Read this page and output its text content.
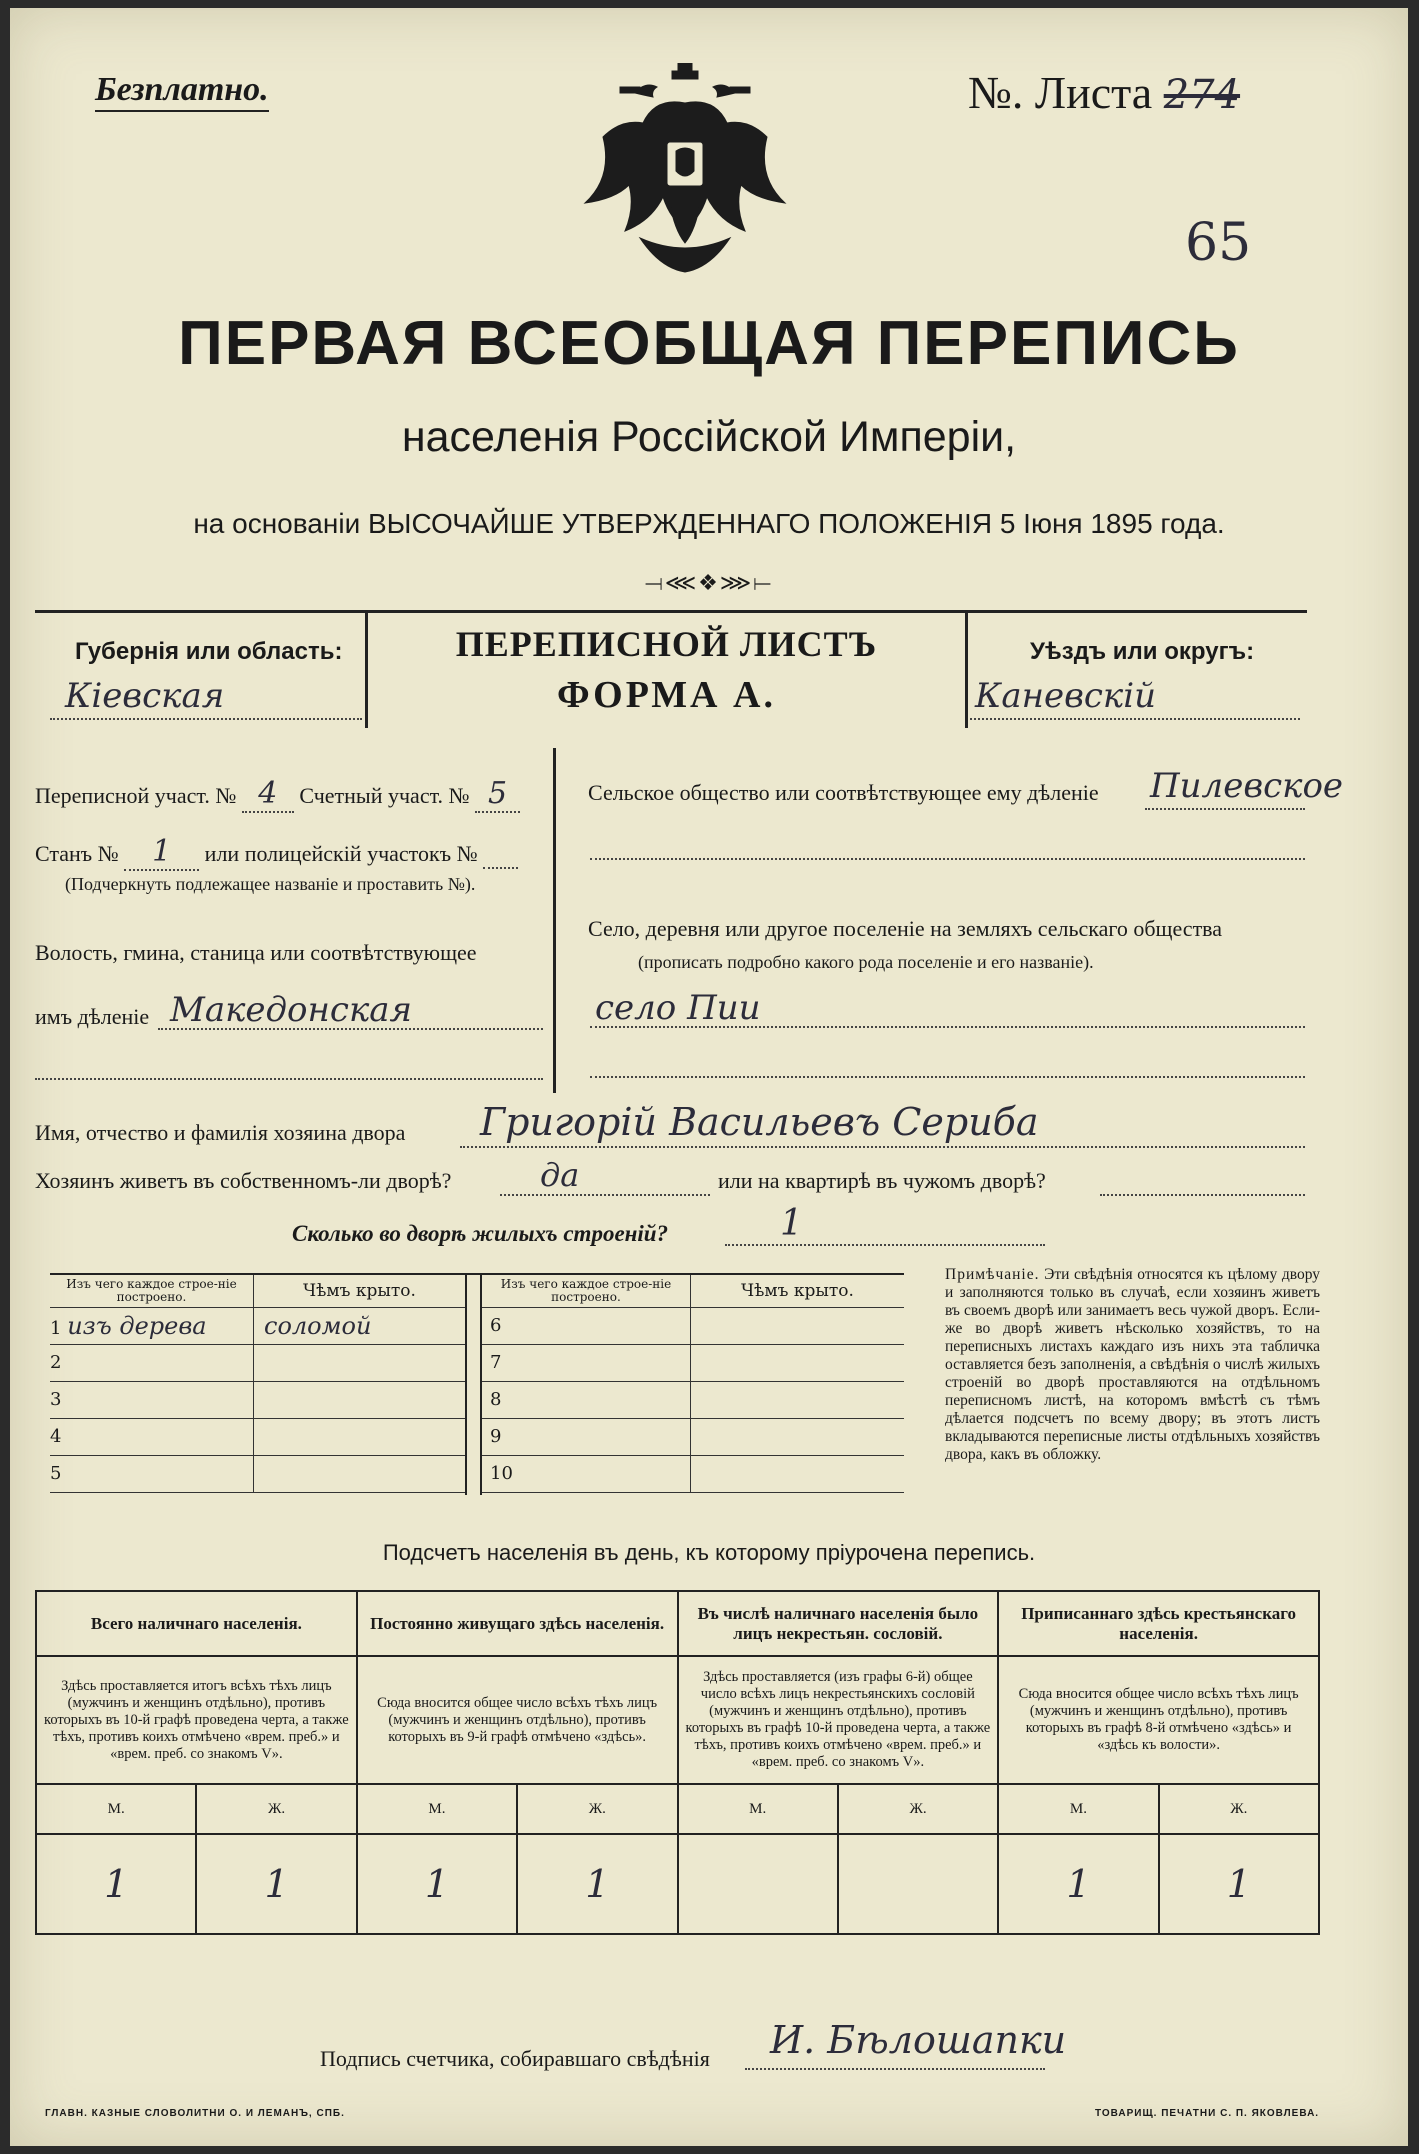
Безплатно.	№. Листа 274
65
ПЕРВАЯ ВСЕОБЩАЯ ПЕРЕПИСЬ
населенія Россійской Имперіи,
на основаніи ВЫСОЧАЙШЕ УТВЕРЖДЕННАГО ПОЛОЖЕНІЯ 5 Іюня 1895 года.
⟞⋘❖⋙⟝
Губернія или область:
Кіевская
ПЕРЕПИСНОЙ ЛИСТЪ
ФОРМА А.
Уѣздъ или округъ:
Каневскій
Переписной участ. № 4 Счетный участ. № 5
Станъ № 1 или полицейскій участокъ №
(Подчеркнуть подлежащее названіе и проставить №).
Волость, гмина, станица или соотвѣтствующее
имъ дѣленіе Македонская
Сельское общество или соотвѣтствующее ему дѣленіе Пилевское
Село, деревня или другое поселеніе на земляхъ сельскаго общества
(прописать подробно какого рода поселеніе и его названіе).
село Пии
Имя, отчество и фамилія хозяина двора Григорій Васильевъ Сериба
Хозяинъ живетъ въ собственномъ-ли дворѣ?	да	или на квартирѣ въ чужомъ дворѣ?
Сколько во дворѣ жилыхъ строеній?	1
Изъ чего каждое строе-ніе построено.	Чѣмъ крыто.
1 изъ дерева	соломой
2	
3	
4	
5	
Изъ чего каждое строе-ніе построено.	Чѣмъ крыто.
6	
7	
8	
9	
10	
Примѣчаніе. Эти свѣдѣнія относятся къ цѣлому двору и заполняются только въ случаѣ, если хозяинъ живетъ въ своемъ дворѣ или занимаетъ весь чужой дворъ. Если-же во дворѣ живетъ нѣсколько хозяйствъ, то на переписныхъ листахъ каждаго изъ нихъ эта табличка оставляется безъ заполненія, а свѣдѣнія о числѣ жилыхъ строеній во дворѣ проставляются на отдѣльномъ переписномъ листѣ, на которомъ вмѣстѣ съ тѣмъ дѣлается подсчетъ по всему двору; въ этотъ листъ вкладываются переписные листы отдѣльныхъ хозяйствъ двора, какъ въ обложку.
Подсчетъ населенія въ день, къ которому пріурочена перепись.
Всего наличнаго населенія.		Постоянно живущаго здѣсь населенія.		Въ числѣ наличнаго населенія было лицъ некрестьян. сословій.		Приписаннаго здѣсь крестьянскаго населенія.	
Здѣсь проставляется итогъ всѣхъ тѣхъ лицъ (мужчинъ и женщинъ отдѣльно), противъ которыхъ въ 10-й графѣ проведена черта, а также тѣхъ, противъ коихъ отмѣчено «врем. преб.» и «врем. преб. со знакомъ V».		Сюда вносится общее число всѣхъ тѣхъ лицъ (мужчинъ и женщинъ отдѣльно), противъ которыхъ въ 9-й графѣ отмѣчено «здѣсь».		Здѣсь проставляется (изъ графы 6-й) общее число всѣхъ лицъ некрестьянскихъ сословій (мужчинъ и женщинъ отдѣльно), противъ которыхъ въ графѣ 10-й проведена черта, а также тѣхъ, противъ коихъ отмѣчено «врем. преб.» и «врем. преб. со знакомъ V».		Сюда вносится общее число всѣхъ тѣхъ лицъ (мужчинъ и женщинъ отдѣльно), противъ которыхъ въ графѣ 8-й отмѣчено «здѣсь» и «здѣсь къ волости».	
М.	Ж.	М.	Ж.	М.	Ж.	М.	Ж.
1	1	1	1			1	1
Подпись счетчика, собиравшаго свѣдѣнія И. Бѣлошапки
ГЛАВН. КАЗНЫЕ СЛОВОЛИТНИ О. И ЛЕМАНЪ, СПБ.	ТОВАРИЩ. ПЕЧАТНИ С. П. ЯКОВЛЕВА.
